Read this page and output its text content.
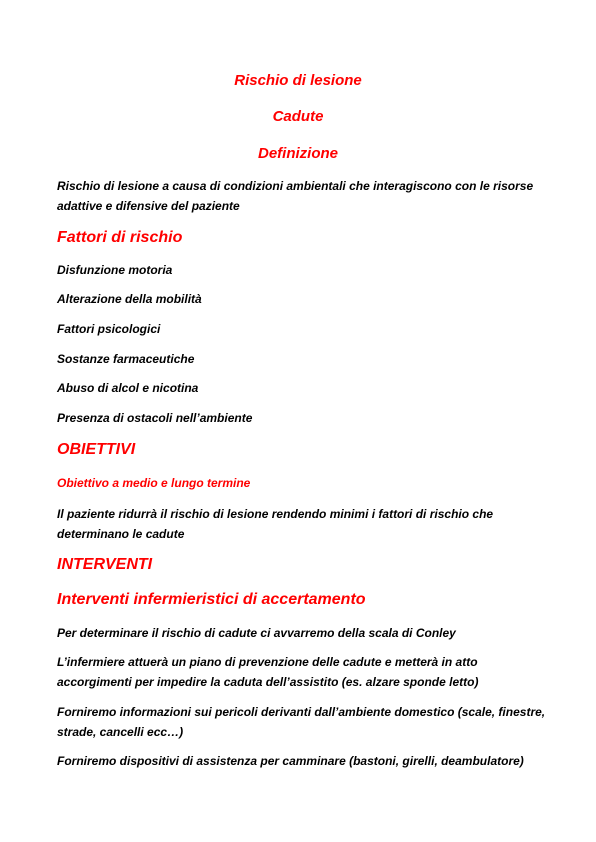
Rischio di lesione
Cadute
Definizione
Rischio di lesione a causa di condizioni ambientali che interagiscono con le risorse adattive e difensive del paziente
Fattori di rischio
Disfunzione motoria
Alterazione della mobilità
Fattori psicologici
Sostanze farmaceutiche
Abuso di alcol e nicotina
Presenza di ostacoli nell’ambiente
OBIETTIVI
Obiettivo a medio e lungo termine
Il paziente ridurrà il rischio di lesione rendendo minimi i fattori di rischio che determinano le cadute
INTERVENTI
Interventi infermieristici di accertamento
Per determinare il rischio di cadute ci avvarremo della scala di Conley
L’infermiere attuerà un piano di prevenzione delle cadute e metterà in atto accorgimenti per impedire la caduta dell’assistito (es. alzare sponde letto)
Forniremo informazioni sui pericoli derivanti dall’ambiente domestico (scale, finestre, strade, cancelli ecc…)
Forniremo dispositivi di assistenza per camminare (bastoni, girelli, deambulatore)
